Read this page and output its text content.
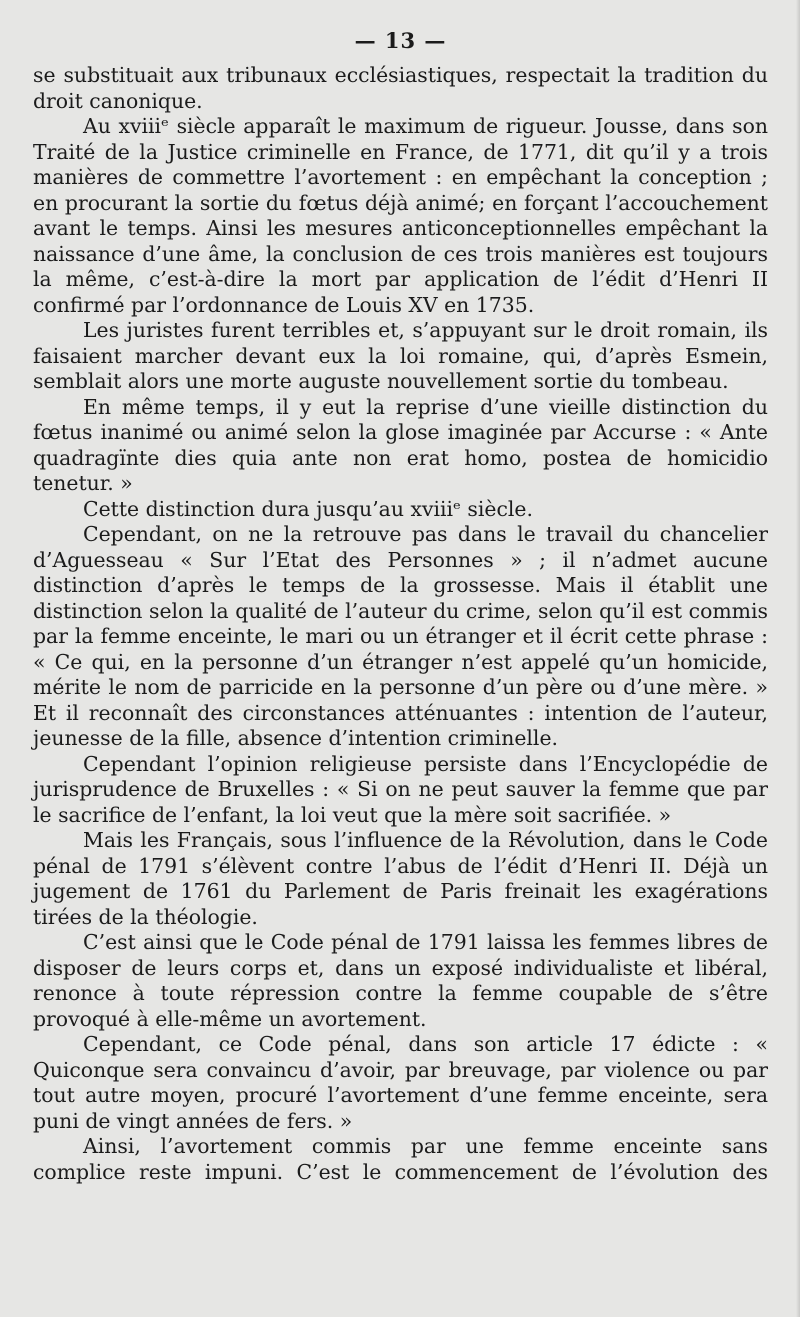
— 13 —

se substituait aux tribunaux ecclésiastiques, respectait la tradition du droit canonique.

Au xviiiᵉ siècle apparaît le maximum de rigueur. Jousse, dans son Traité de la Justice criminelle en France, de 1771, dit qu’il y a trois manières de commettre l’avortement : en empêchant la conception ; en procurant la sortie du fœtus déjà animé; en forçant l’accouchement avant le temps. Ainsi les mesures anticonceptionnelles empêchant la naissance d’une âme, la conclusion de ces trois manières est toujours la même, c’est-à-dire la mort par application de l’édit d’Henri II confirmé par l’ordonnance de Louis XV en 1735.

Les juristes furent terribles et, s’appuyant sur le droit romain, ils faisaient marcher devant eux la loi romaine, qui, d’après Esmein, semblait alors une morte auguste nouvellement sortie du tombeau.

En même temps, il y eut la reprise d’une vieille distinction du fœtus inanimé ou animé selon la glose imaginée par Accurse : « Ante quadragïnte dies quia ante non erat homo, postea de homicidio tenetur. »

Cette distinction dura jusqu’au xviiiᵉ siècle.

Cependant, on ne la retrouve pas dans le travail du chancelier d’Aguesseau « Sur l’Etat des Personnes » ; il n’admet aucune distinction d’après le temps de la grossesse. Mais il établit une distinction selon la qualité de l’auteur du crime, selon qu’il est commis par la femme enceinte, le mari ou un étranger et il écrit cette phrase : « Ce qui, en la personne d’un étranger n’est appelé qu’un homicide, mérite le nom de parricide en la personne d’un père ou d’une mère. » Et il reconnaît des circonstances atténuantes : intention de l’auteur, jeunesse de la fille, absence d’intention criminelle.

Cependant l’opinion religieuse persiste dans l’Encyclopédie de jurisprudence de Bruxelles : « Si on ne peut sauver la femme que par le sacrifice de l’enfant, la loi veut que la mère soit sacrifiée. »

Mais les Français, sous l’influence de la Révolution, dans le Code pénal de 1791 s’élèvent contre l’abus de l’édit d’Henri II. Déjà un jugement de 1761 du Parlement de Paris freinait les exagérations tirées de la théologie.

C’est ainsi que le Code pénal de 1791 laissa les femmes libres de disposer de leurs corps et, dans un exposé individualiste et libéral, renonce à toute répression contre la femme coupable de s’être provoqué à elle-même un avortement.

Cependant, ce Code pénal, dans son article 17 édicte : « Quiconque sera convaincu d’avoir, par breuvage, par violence ou par tout autre moyen, procuré l’avortement d’une femme enceinte, sera puni de vingt années de fers. »

Ainsi, l’avortement commis par une femme enceinte sans complice reste impuni. C’est le commencement de l’évolution des
